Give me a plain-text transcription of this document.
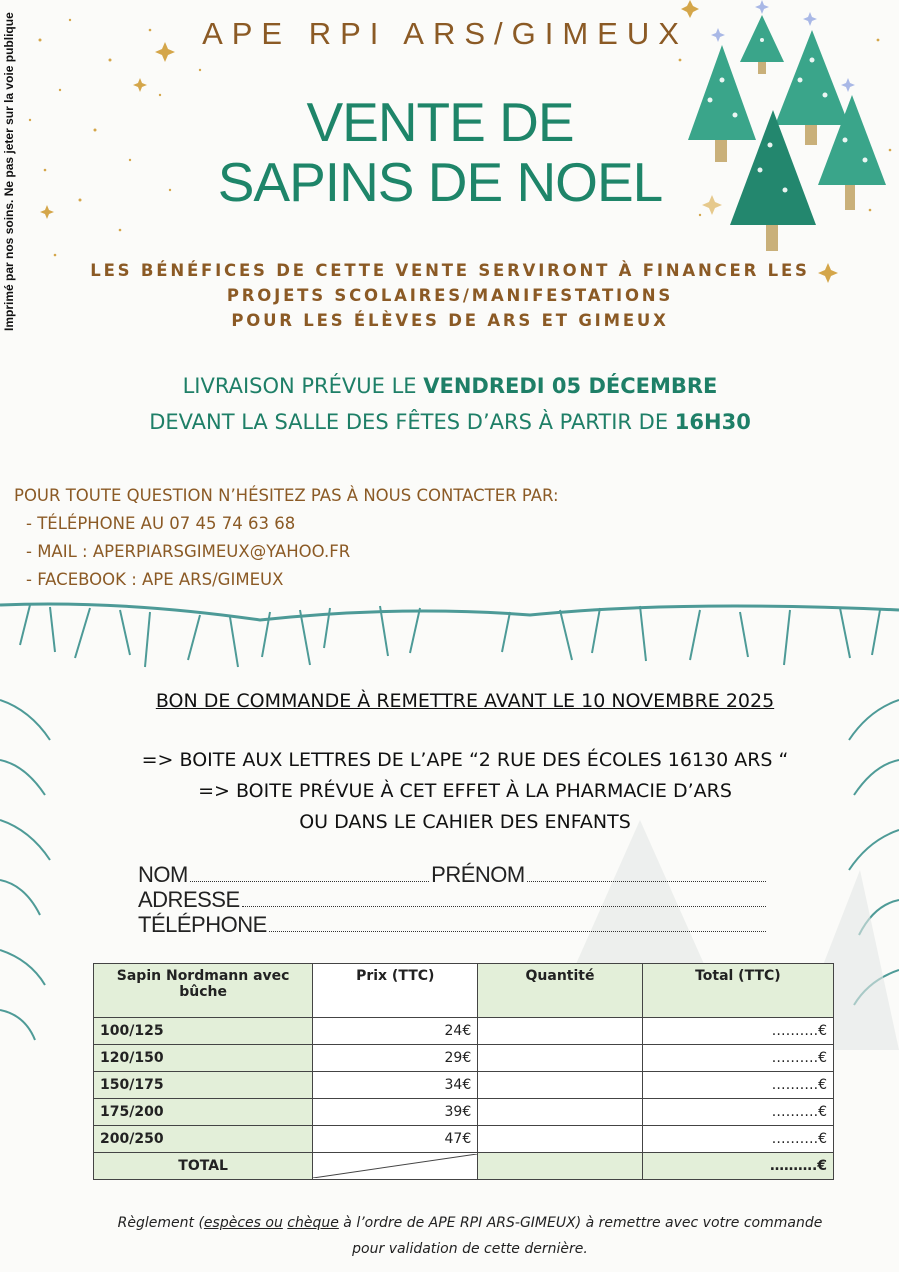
Imprimé par nos soins. Ne pas jeter sur la voie publique	APE RPI ARS/GIMEUX
VENTE DE
SAPINS DE NOEL
LES BÉNÉFICES DE CETTE VENTE SERVIRONT À FINANCER LES
PROJETS SCOLAIRES/MANIFESTATIONS
POUR LES ÉLÈVES DE ARS ET GIMEUX
LIVRAISON PRÉVUE LE VENDREDI 05 DÉCEMBRE
DEVANT LA SALLE DES FÊTES D’ARS À PARTIR DE 16H30
POUR TOUTE QUESTION N’HÉSITEZ PAS À NOUS CONTACTER PAR:
- TÉLÉPHONE AU 07 45 74 63 68
- MAIL : APERPIARSGIMEUX@YAHOO.FR
- FACEBOOK : APE ARS/GIMEUX
BON DE COMMANDE À REMETTRE AVANT LE 10 NOVEMBRE 2025
=> BOITE AUX LETTRES DE L’APE “2 RUE DES ÉCOLES 16130 ARS “
=> BOITE PRÉVUE À CET EFFET À LA PHARMACIE D’ARS
OU DANS LE CAHIER DES ENFANTS
NOM	PRÉNOM
ADRESSE
TÉLÉPHONE
Sapin Nordmann avec bûche	Prix (TTC)	Quantité	Total (TTC)
100/125	24€		……….€
120/150	29€		……….€
150/175	34€		……….€
175/200	39€		……….€
200/250	47€		……….€
TOTAL			……….€
Règlement (espèces ou chèque à l’ordre de APE RPI ARS-GIMEUX) à remettre avec votre commande
pour validation de cette dernière.
